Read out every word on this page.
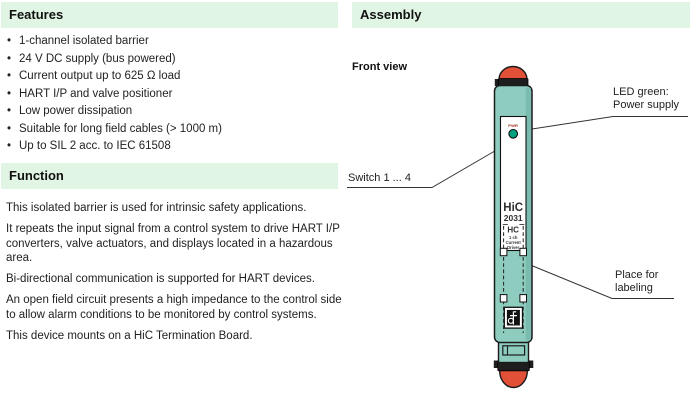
Features
• 1-channel isolated barrier
• 24 V DC supply (bus powered)
• Current output up to 625 Ω load
• HART I/P and valve positioner
• Low power dissipation
• Suitable for long field cables (> 1000 m)
• Up to SIL 2 acc. to IEC 61508
Function

This isolated barrier is used for intrinsic safety applications.

It repeats the input signal from a control system to drive HART I/P converters, valve actuators, and displays located in a hazardous area.

Bi-directional communication is supported for HART devices.

An open field circuit presents a high impedance to the control side to allow alarm conditions to be monitored by control systems.

This device mounts on a HiC Termination Board.

Assembly
Front view
PWR
HiC
2031
HC
1 ch
Current
Driver
LED green:
Power supply
Switch 1 ... 4
Place for labeling
